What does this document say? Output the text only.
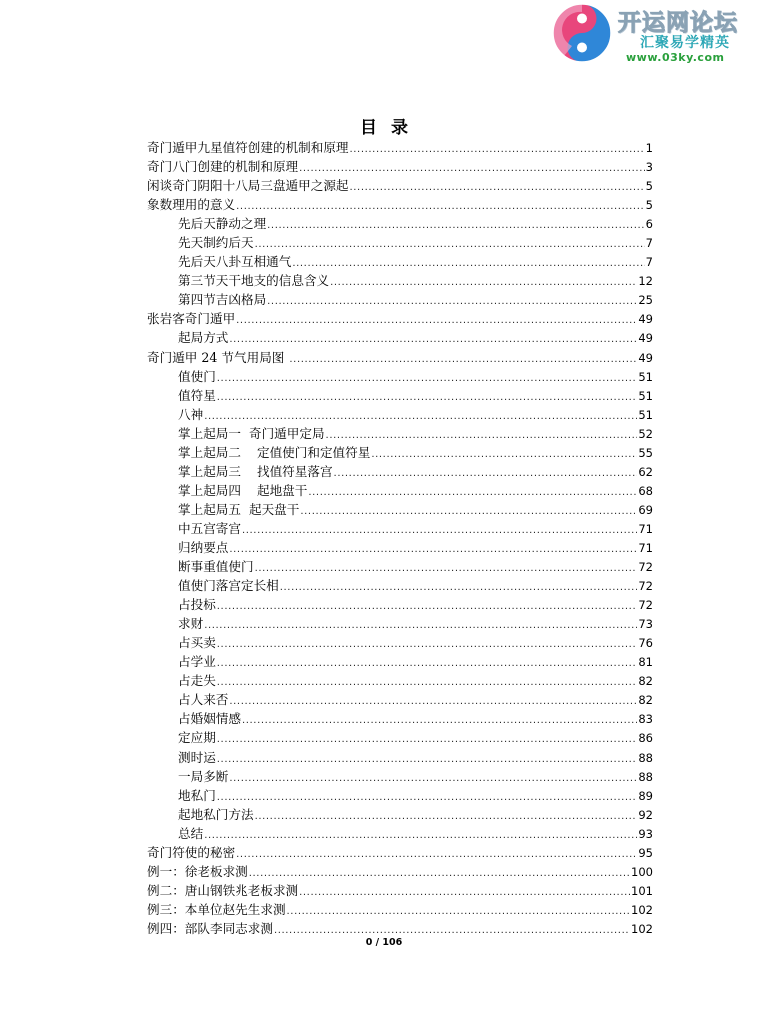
开运网论坛
汇聚易学精英
www.03ky.com
目录
奇门遁甲九星值符创建的机制和原理 .....	1
奇门八门创建的机制和原理 .....	3
闲谈奇门阴阳十八局三盘遁甲之源起 .....	5
象数理用的意义 .....	5
先后天静动之理 .....	6
先天制约后天 .....	7
先后天八卦互相通气 .....	7
第三节天干地支的信息含义 .....	12
第四节吉凶格局 .....	25
张岩客奇门遁甲 .....	49
起局方式 .....	49
奇门遁甲 24 节气用局图 .....	49
值使门 .....	51
值符星 .....	51
八神 .....	51
掌上起局一  奇门遁甲定局 .....	52
掌上起局二    定值使门和定值符星 .....	55
掌上起局三    找值符星落宫 .....	62
掌上起局四    起地盘干 .....	68
掌上起局五  起天盘干 .....	69
中五宫寄宫 .....	71
归纳要点 .....	71
断事重值使门 .....	72
值使门落宫定长相 .....	72
占投标 .....	72
求财 .....	73
占买卖 .....	76
占学业 .....	81
占走失 .....	82
占人来否 .....	82
占婚姻情感 .....	83
定应期 .....	86
测时运 .....	88
一局多断 .....	88
地私门 .....	89
起地私门方法 .....	92
总结 .....	93
奇门符使的秘密 .....	95
例一：徐老板求测 .....	100
例二：唐山钢铁兆老板求测 .....	101
例三：本单位赵先生求测 .....	102
例四：部队李同志求测 .....	102
0 / 106
